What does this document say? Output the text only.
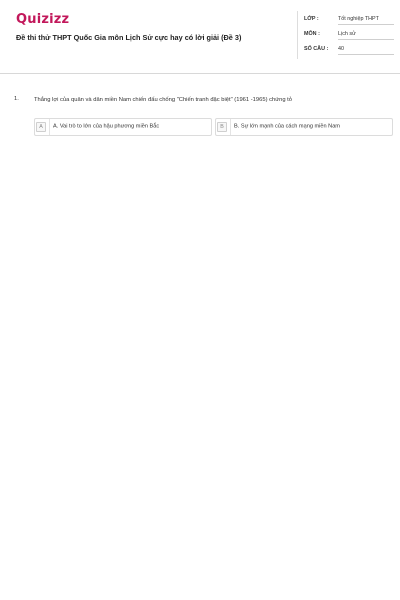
Quizizz
Đề thi thử THPT Quốc Gia môn Lịch Sử cực hay có lời giải (Đề 3)
LỚP :	Tốt nghiệp THPT
MÔN :	Lịch sử
SỐ CÂU : 40
1.	Thắng lợi của quân và dân miền Nam chiến đấu chống "Chiến tranh đặc biệt" (1961 -1965) chứng tỏ
A	A. Vai trò to lớn của hậu phương miền Bắc	B	B. Sự lớn mạnh của cách mạng miền Nam
